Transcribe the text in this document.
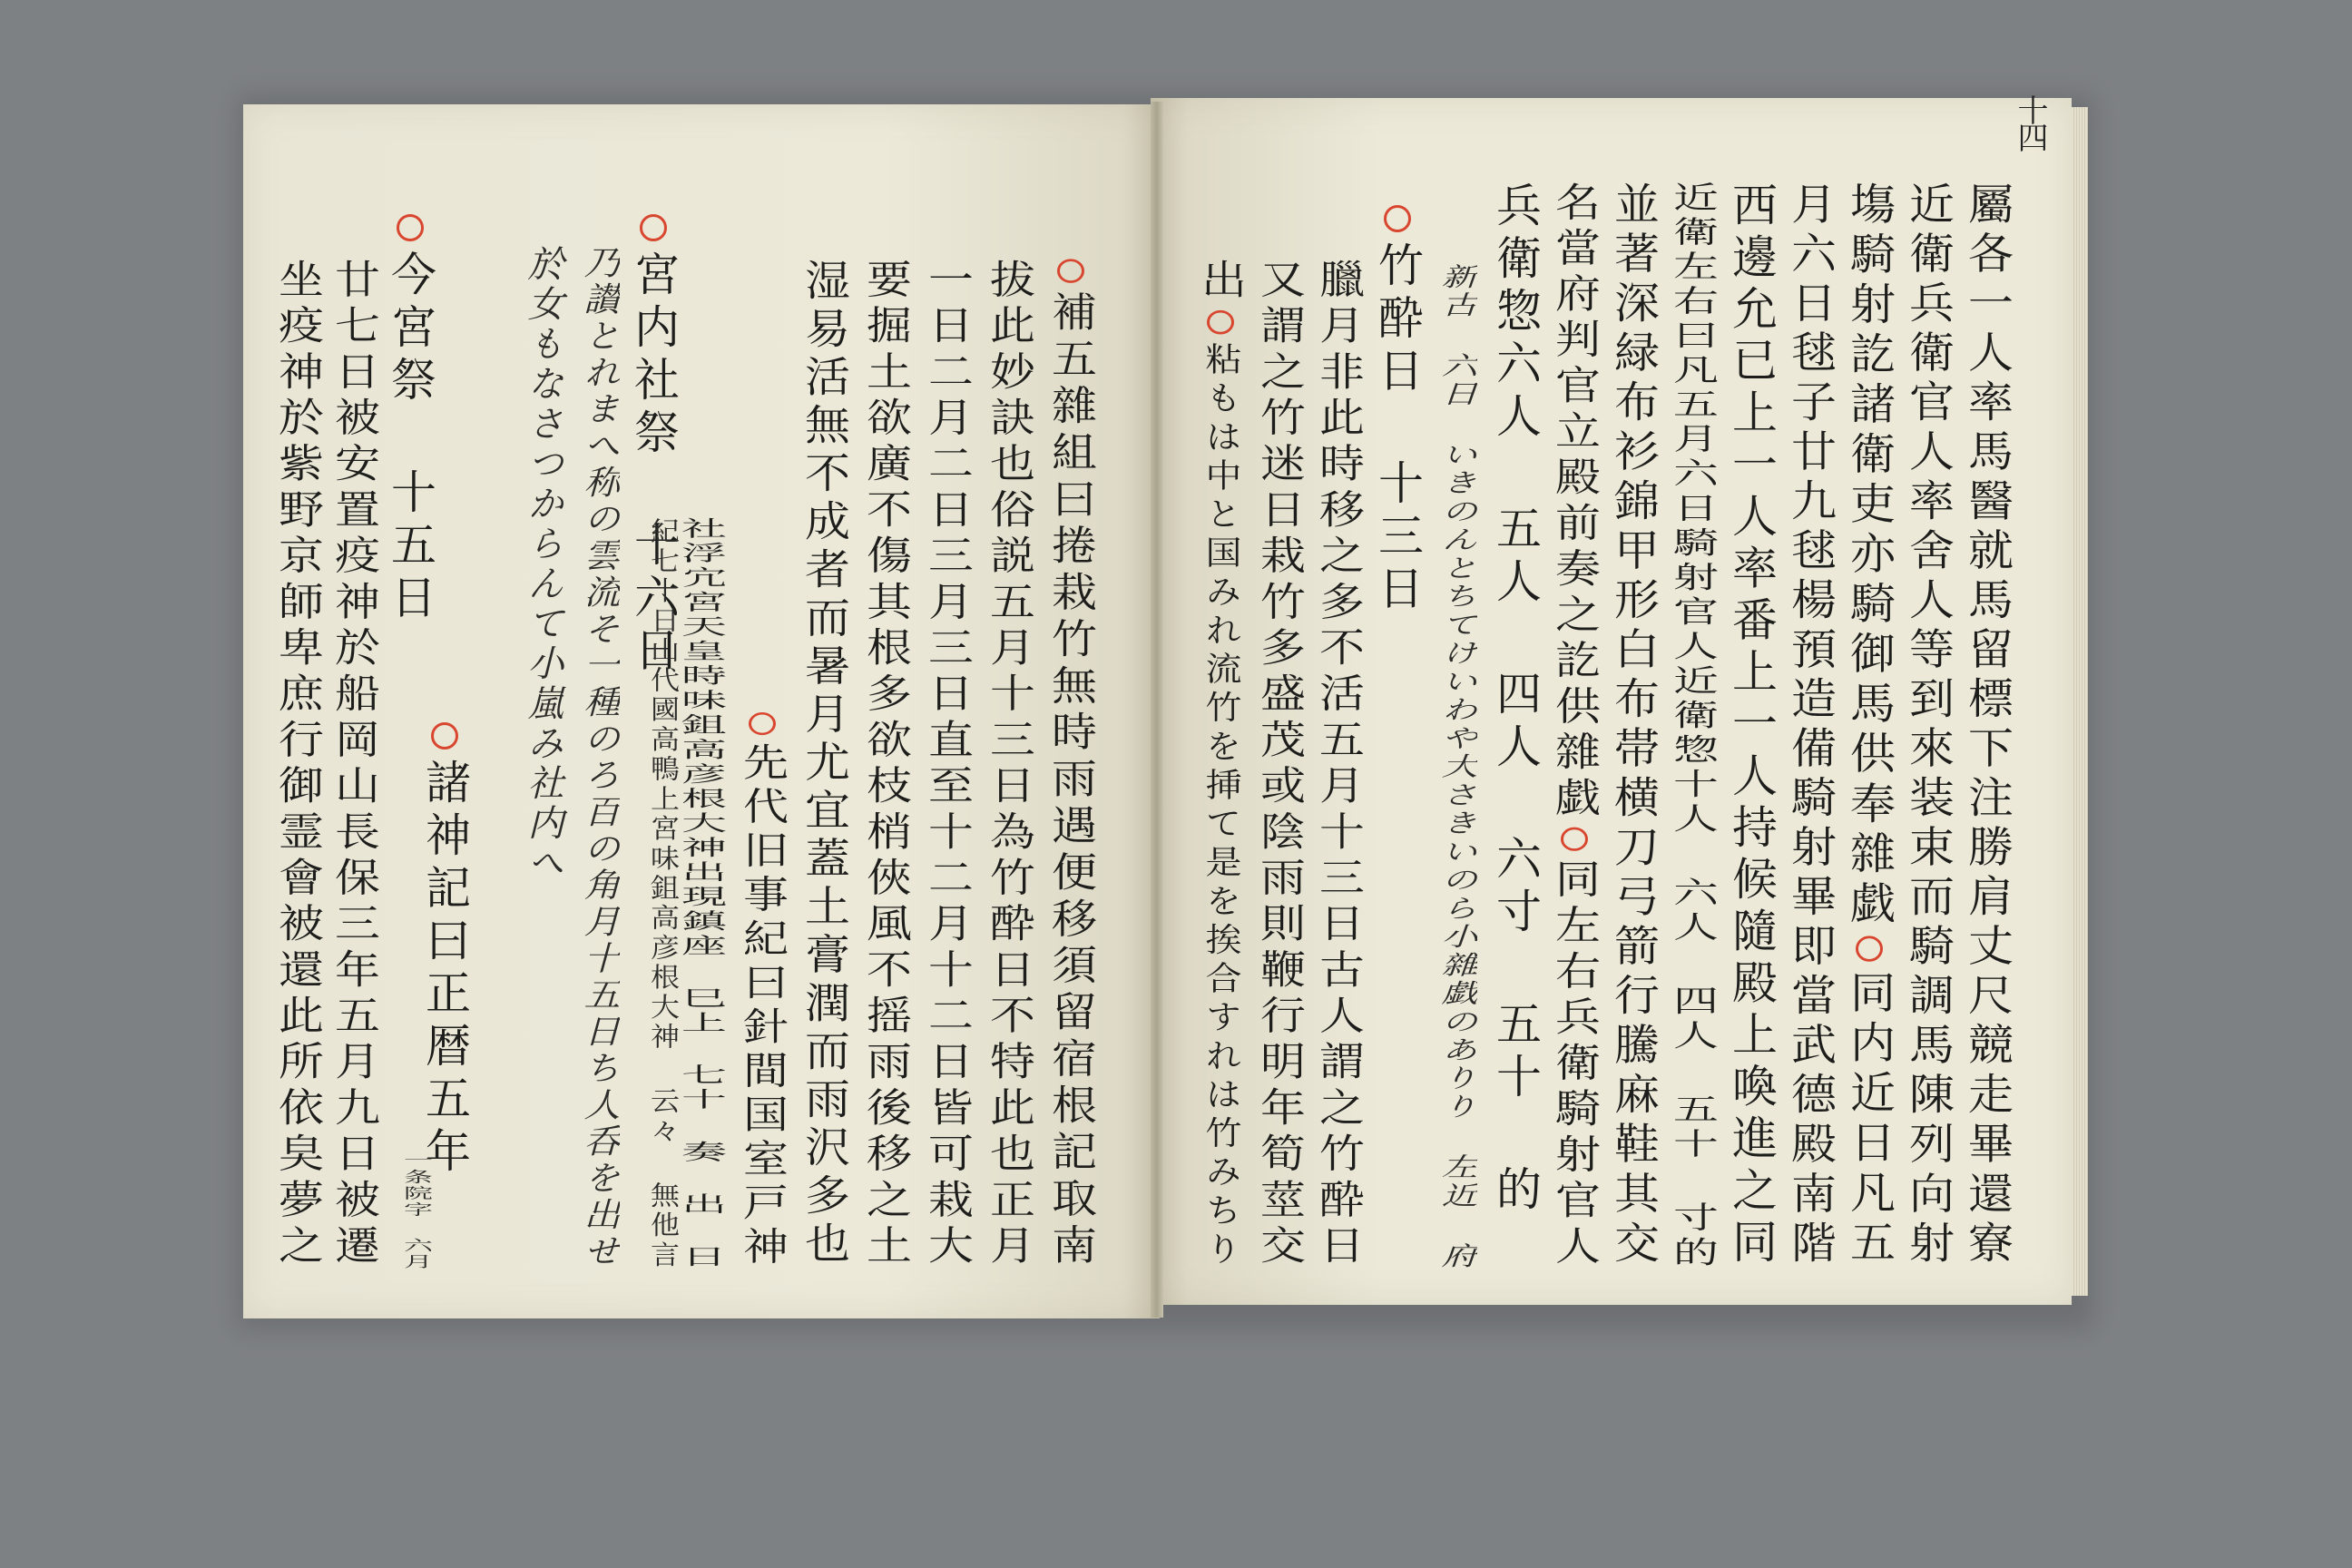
十四
坐疫神於紫野京師卑庶行御霊會被還此所依㚖夢之 廿七日被安置疫神於船岡山長保三年五月九日被遷 今宮祭 十五日
一条院字 六月
諸神記曰正暦五年
於女もなさつからんて小嵐み社内へ 乃讃とれまへ称の雲流そ一種のろ百の角月十五日ち人呑を出せ 宮内社祭 十六日
紀七十日山代國高鴨上宮味鉏高彦根大神 云々 無他言
社浮宂宮天皇時味鉏高彦根大神出現鎮座 巳上 七十 奏 出 日 先代旧事紀曰針間国室戸神 湿易活無不成者而暑月尤宜蓋土膏潤而雨沢多也 要掘土欲廣不傷其根多欲枝梢俠風不摇雨後移之土 一日二月二日三月三日直至十二月十二日皆可栽大 拔此妙訣也俗説五月十三日為竹酔日不特此也正月 補五雜組曰捲栽竹無時雨遇便移須留宿根記取南	屬各一人率馬醫就馬留標下注勝肩丈尺競走畢還寮
近衛兵衛官人率舍人等到來装束而騎調馬陳列向射
塲騎射訖諸衛吏亦騎御馬供奉雜戯同内近日凡五
月六日毬子廿九毬楊預造備騎射畢即當武德殿南階
西邊允已上一人率番上一人持候隨殿上喚進之同
近衛左右曰凡五月六日騎射官人近衛惣十人 六人 四人 五十 寸的
並著深緑布衫錦甲形白布帯横刀弓箭行騰麻鞋其交
名當府判官立殿前奏之訖供雜戯同左右兵衛騎射官人
兵衛惣六人 五人 四人 六寸 五十 的
新古 六日 いきのんとちてけいわや大さきいのら小雜戯のありり 左近 府
竹酔日 十三日
臘月非此時移之多不活五月十三日古人謂之竹酔日
又謂之竹迷日栽竹多盛茂或陰雨則鞭行明年筍莖交
出粘もは中と国みれ流竹を挿て是を挨合すれは竹みちり
